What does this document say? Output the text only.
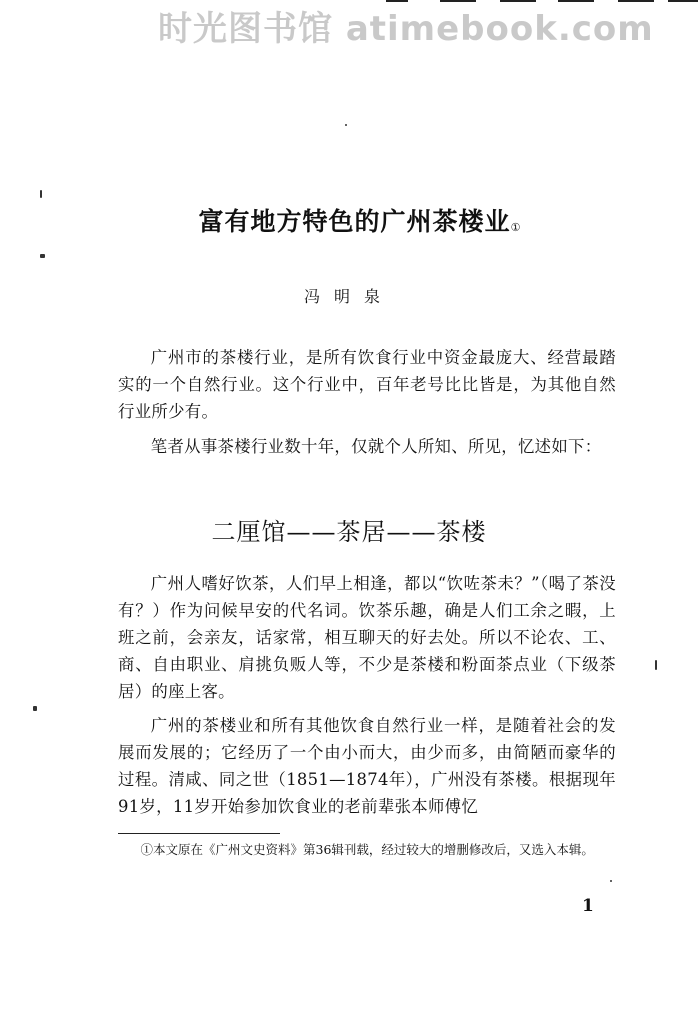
时光图书馆 atimebook.com
富有地方特色的广州茶楼业①
冯明泉

广州市的茶楼行业，是所有饮食行业中资金最庞大、经营最踏实的一个自然行业。这个行业中，百年老号比比皆是，为其他自然行业所少有。

笔者从事茶楼行业数十年，仅就个人所知、所见，忆述如下：

二厘馆——茶居——茶楼

广州人嗜好饮茶，人们早上相逢，都以“饮咗茶未？”（喝了茶没有？）作为问候早安的代名词。饮茶乐趣，确是人们工余之暇，上班之前，会亲友，话家常，相互聊天的好去处。所以不论农、工、商、自由职业、肩挑负贩人等，不少是茶楼和粉面茶点业（下级茶居）的座上客。

广州的茶楼业和所有其他饮食自然行业一样，是随着社会的发展而发展的；它经历了一个由小而大，由少而多，由简陋而豪华的过程。清咸、同之世（1851—1874年），广州没有茶楼。根据现年91岁，11岁开始参加饮食业的老前辈张本师傅忆

①本文原在《广州文史资料》第36辑刊载，经过较大的增删修改后，又选入本辑。

1
